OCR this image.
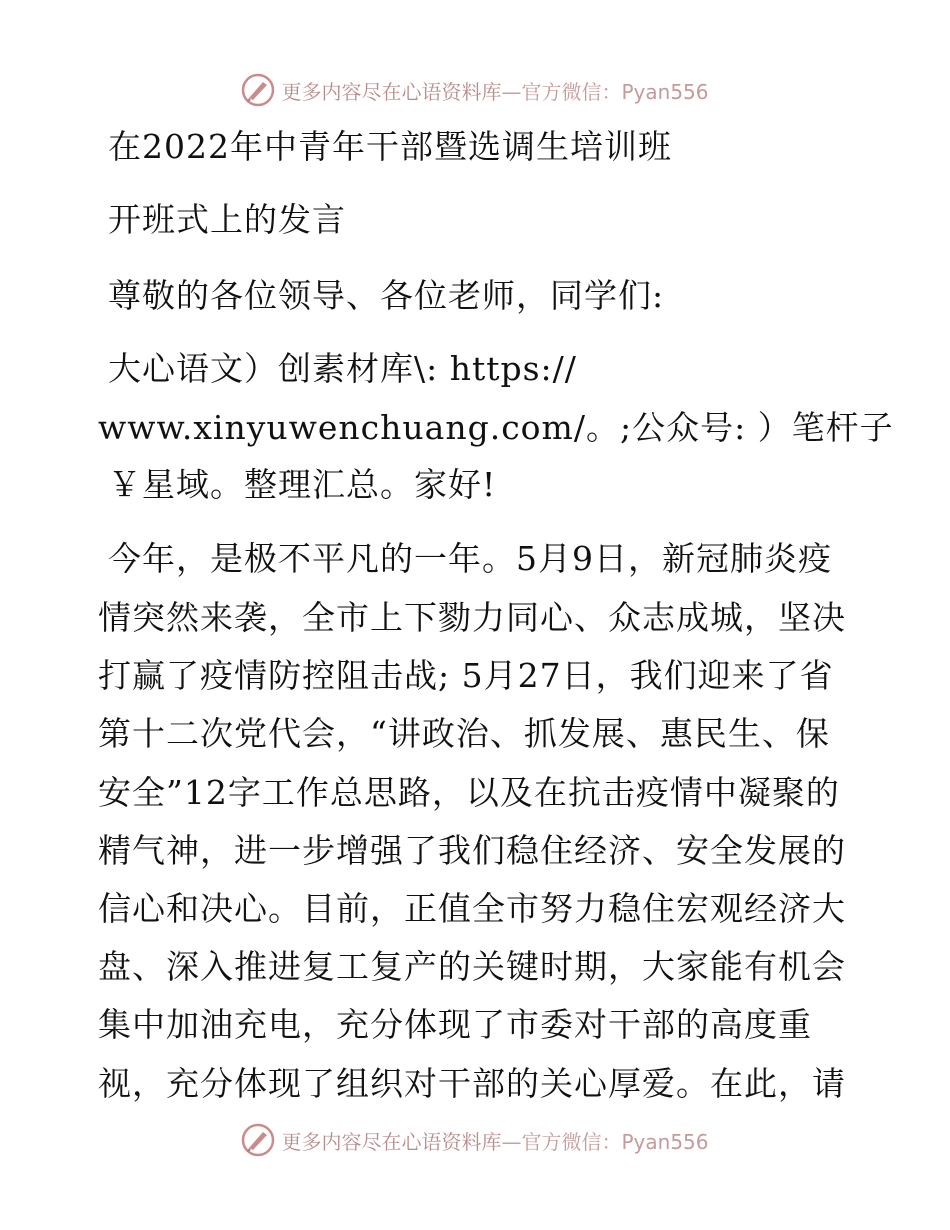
更多内容尽在心语资料库—官方微信：Pyan556
在2022年中青年干部暨选调生培训班
开班式上的发言
尊敬的各位领导、各位老师，同学们:
大心语文）创素材库\: https://
www.xinyuwenchuang.com/。;公众号: ）笔杆子
￥星域。整理汇总。家好!
今年，是极不平凡的一年。5月9日，新冠肺炎疫
情突然来袭，全市上下勠力同心、众志成城，坚决
打赢了疫情防控阻击战; 5月27日，我们迎来了省
第十二次党代会，“讲政治、抓发展、惠民生、保
安全”12字工作总思路，以及在抗击疫情中凝聚的
精气神，进一步增强了我们稳住经济、安全发展的
信心和决心。目前，正值全市努力稳住宏观经济大
盘、深入推进复工复产的关键时期，大家能有机会
集中加油充电，充分体现了市委对干部的高度重
视，充分体现了组织对干部的关心厚爱。在此，请
更多内容尽在心语资料库—官方微信：Pyan556
